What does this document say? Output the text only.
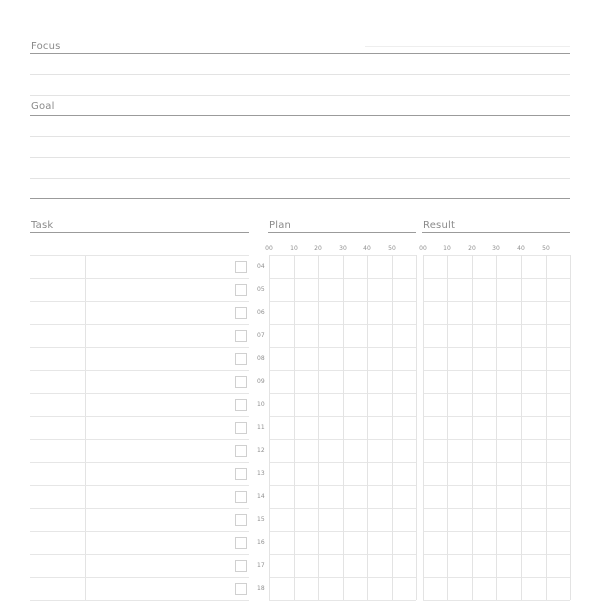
Focus
Goal
Task	Plan	Result
00	10	20	30	40	50	00	10	20	30	40	50
04
05
06
07
08
09
10
11
12
13
14
15
16
17
18
